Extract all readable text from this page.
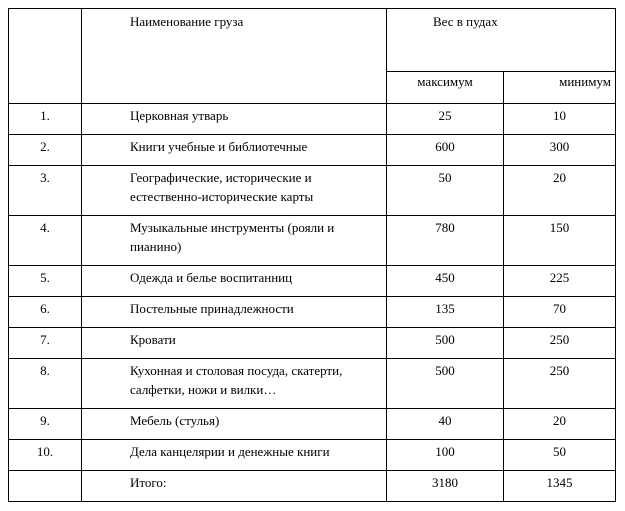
	Наименование груза	Вес в пудах	
		максимум	минимум
1.	Церковная утварь	25	10
2.	Книги учебные и библиотечные	600	300
3.	Географические, исторические и естественно-исторические карты	50	20
4.	Музыкальные инструменты (рояли и пианино)	780	150
5.	Одежда и белье воспитанниц	450	225
6.	Постельные принадлежности	135	70
7.	Кровати	500	250
8.	Кухонная и столовая посуда, скатерти, салфетки, ножи и вилки…	500	250
9.	Мебель (стулья)	40	20
10.	Дела канцелярии и денежные книги	100	50
	Итого:	3180	1345
